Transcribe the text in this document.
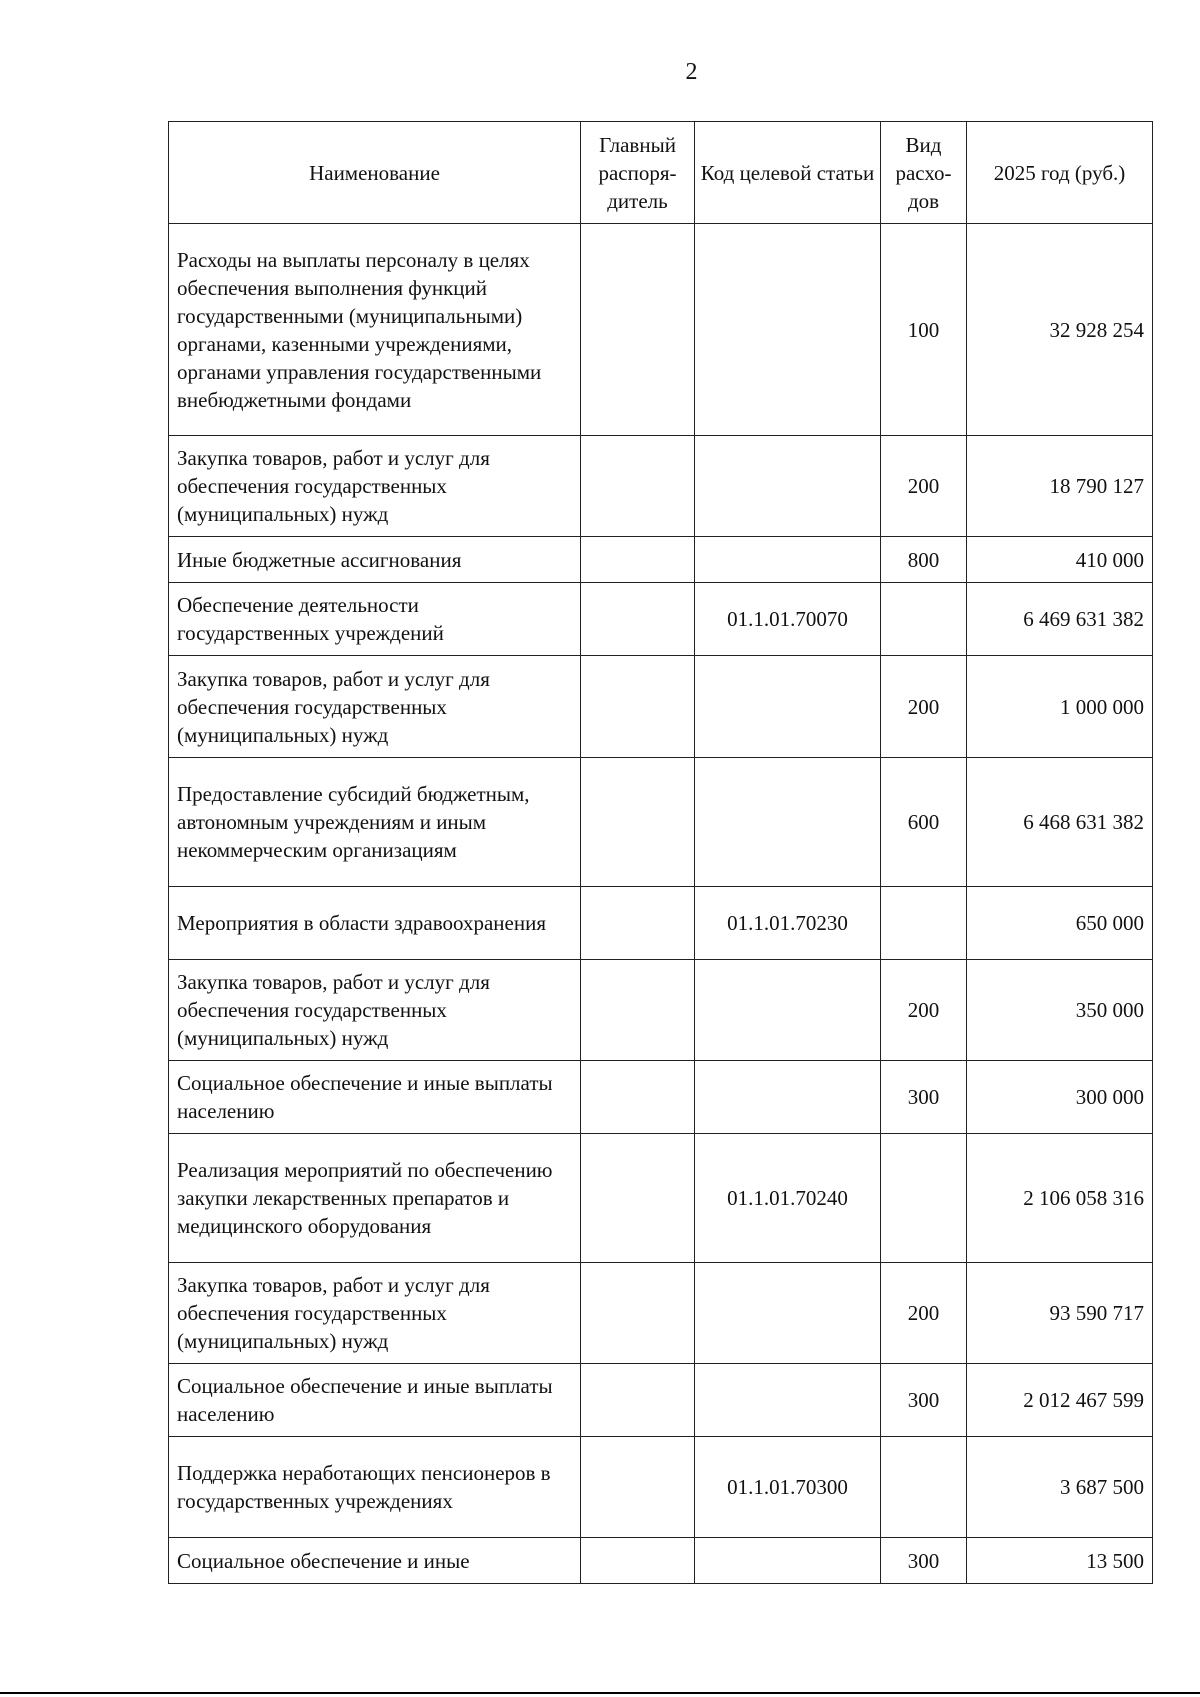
2
Наименование	Главный распоря-дитель	Код целевой статьи	Вид расхо-дов	2025 год (руб.)
Расходы на выплаты персоналу в целях обеспечения выполнения функций государственными (муниципальными) органами, казенными учреждениями, органами управления государственными внебюджетными фондами			100	32 928 254
Закупка товаров, работ и услуг для обеспечения государственных (муниципальных) нужд			200	18 790 127
Иные бюджетные ассигнования			800	410 000
Обеспечение деятельности государственных учреждений		01.1.01.70070		6 469 631 382
Закупка товаров, работ и услуг для обеспечения государственных (муниципальных) нужд			200	1 000 000
Предоставление субсидий бюджетным, автономным учреждениям и иным некоммерческим организациям			600	6 468 631 382
Мероприятия в области здравоохранения		01.1.01.70230		650 000
Закупка товаров, работ и услуг для обеспечения государственных (муниципальных) нужд			200	350 000
Социальное обеспечение и иные выплаты населению			300	300 000
Реализация мероприятий по обеспечению закупки лекарственных препаратов и медицинского оборудования		01.1.01.70240		2 106 058 316
Закупка товаров, работ и услуг для обеспечения государственных (муниципальных) нужд			200	93 590 717
Социальное обеспечение и иные выплаты населению			300	2 012 467 599
Поддержка неработающих пенсионеров в государственных учреждениях		01.1.01.70300		3 687 500
Социальное обеспечение и иные			300	13 500
